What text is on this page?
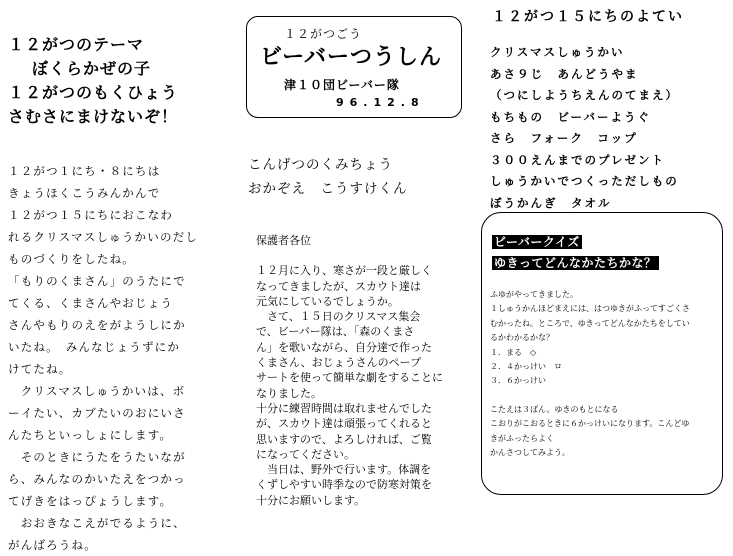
１２がつのテーマ
ぼくらかぜの子
１２がつのもくひょう
さむさにまけないぞ！
１２がつ１にち・８にちは
きょうほくこうみんかんで
１２がつ１５にちにおこなわ
れるクリスマスしゅうかいのだし
ものづくりをしたね。
「もりのくまさん」のうたにで
てくる、くまさんやおじょう
さんやもりのえをがようしにか
いたね。　みんなじょうずにか
けてたね。
　クリスマスしゅうかいは、ボ
ーイたい、カブたいのおにいさ
んたちといっしょにします。
　そのときにうたをうたいなが
ら、みんなのかいたえをつかっ
てげきをはっぴょうします。
　おおきなこえがでるように、
がんばろうね。
１２がつごう
ビーバーつうしん
津１０団ビーバー隊
96.12.8
こんげつのくみちょう
おかぞえ　こうすけくん
保護者各位
１２月に入り、寒さが一段と厳しく
なってきましたが、スカウト達は
元気にしているでしょうか。
　さて、１５日のクリスマス集会
で、ビーバー隊は、「森のくまさ
ん」を歌いながら、自分達で作った
くまさん、おじょうさんのペープ
サートを使って簡単な劇をすることに
なりました。
十分に練習時間は取れませんでした
が、スカウト達は頑張ってくれると
思いますので、よろしければ、ご覧
になってください。
　当日は、野外で行います。体調を
くずしやすい時季なので防寒対策を
十分にお願いします。
１２がつ１５にちのよてい
クリスマスしゅうかい
あさ９じ　あんどうやま
（つにしようちえんのてまえ）
もちもの　ビーバーようぐ
さら　フォーク　コップ
３００えんまでのプレゼント
しゅうかいでつくっただしもの
ぼうかんぎ　タオル
ビーバークイズ
ゆきってどんなかたちかな？
ふゆがやってきました。
１しゅうかんほどまえには、はつゆきがふってすごくさ
むかったね。ところで、ゆきってどんなかたちをしてい
るかわかるかな？
１．まる　◇
２．４かっけい　ロ
３．６かっけい
こたえは３ばん。ゆきのもとになる
こおりがこおるときに６かっけいになります。こんどゆ
きがふったらよく
かんさつしてみよう。
